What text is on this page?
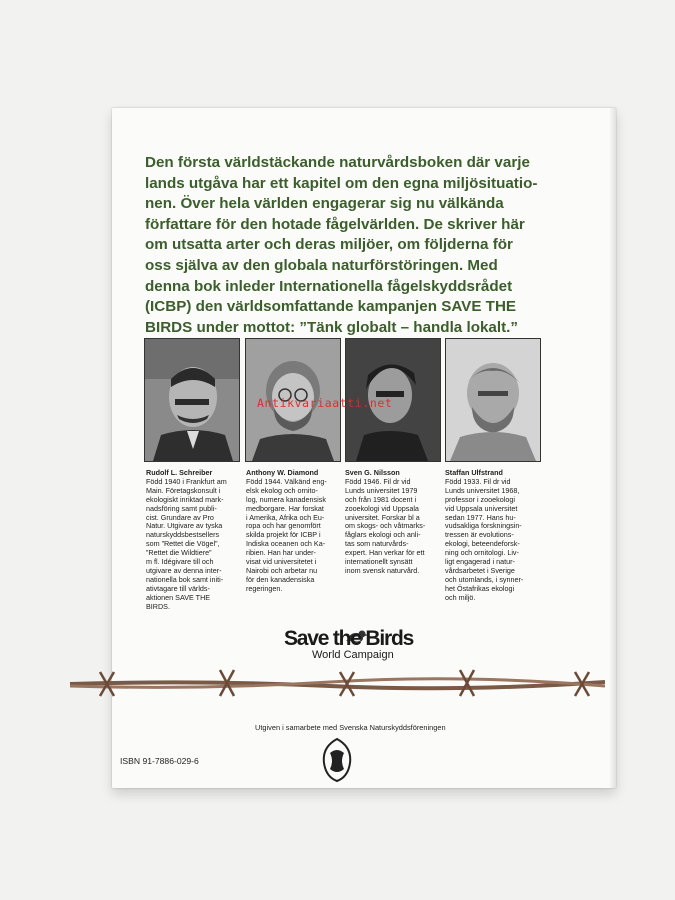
Den första världstäckande naturvårdsboken där varje
lands utgåva har ett kapitel om den egna miljösituatio-
nen. Över hela världen engagerar sig nu välkända
författare för den hotade fågelvärlden. De skriver här
om utsatta arter och deras miljöer, om följderna för
oss själva av den globala naturförstöringen. Med
denna bok inleder Internationella fågelskyddsrådet
(ICBP) den världsomfattande kampanjen SAVE THE
BIRDS under mottot: ”Tänk globalt – handla lokalt.”
Antikvariaatti.net
Rudolf L. Schreiber
Född 1940 i Frankfurt am
Main. Företagskonsult i
ekologiskt inriktad mark-
nadsföring samt publi-
cist. Grundare av Pro
Natur. Utgivare av tyska
naturskyddsbestsellers
som ”Rettet die Vögel”,
”Rettet die Wildtiere”
m fl. Idégivare till och
utgivare av denna inter-
nationella bok samt initi-
ativtagare till världs-
aktionen SAVE THE
BIRDS.
Anthony W. Diamond
Född 1944. Välkänd eng-
elsk ekolog och ornito-
log, numera kanadensisk
medborgare. Har forskat
i Amerika, Afrika och Eu-
ropa och har genomfört
skilda projekt för ICBP i
Indiska oceanen och Ka-
ribien. Han har under-
visat vid universitetet i
Nairobi och arbetar nu
för den kanadensiska
regeringen.
Sven G. Nilsson
Född 1946. Fil dr vid
Lunds universitet 1979
och från 1981 docent i
zooekologi vid Uppsala
universitet. Forskar bl a
om skogs- och våtmarks-
fåglars ekologi och anli-
tas som naturvårds-
expert. Han verkar för ett
internationellt synsätt
inom svensk naturvård.
Staffan Ulfstrand
Född 1933. Fil dr vid
Lunds universitet 1968,
professor i zooekologi
vid Uppsala universitet
sedan 1977. Hans hu-
vudsakliga forskningsin-
tressen är evolutions-
ekologi, beteendeforsk-
ning och ornitologi. Liv-
ligt engagerad i natur-
vårdsarbetet i Sverige
och utomlands, i synner-
het Östafrikas ekologi
och miljö.
Save the Birds
World Campaign
Utgiven i samarbete med Svenska Naturskyddsföreningen
ISBN 91-7886-029-6
